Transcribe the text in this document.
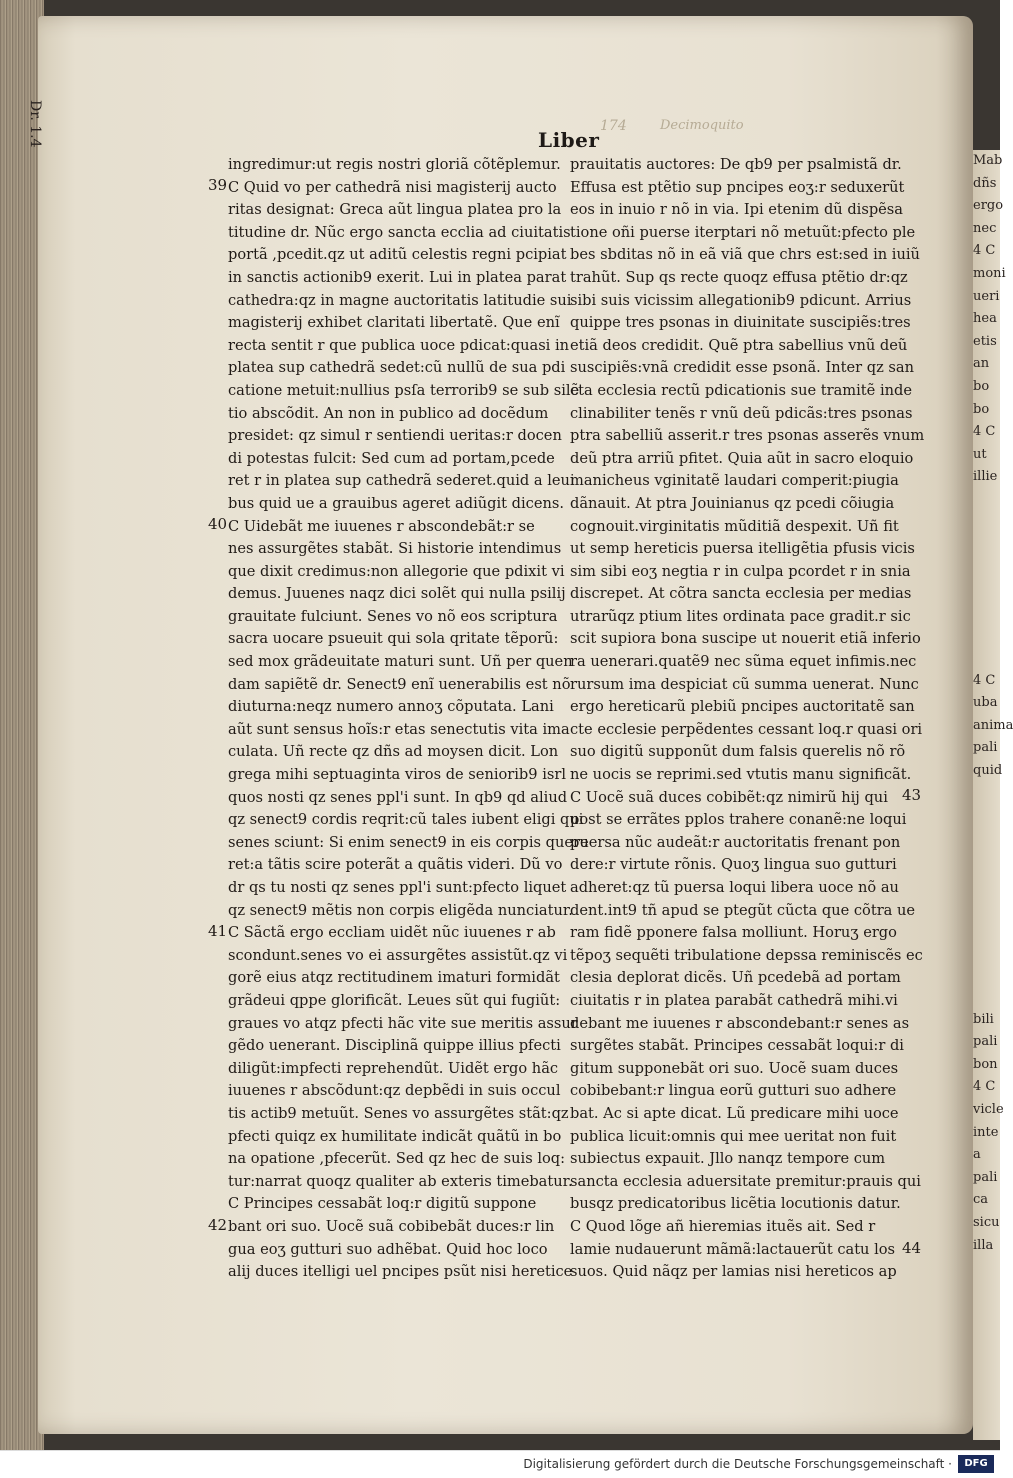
Dr. 1.4	174	Decimoquito
Liber
ingredimur:ut regis nostri gloriã cõtẽplemur.
C Quid vo per cathedrã nisi magisterij aucto
ritas designat: Greca aũt lingua platea pro la
titudine dr. Nũc ergo sancta ecclia ad ciuitatis
portã ,pcedit.qz ut aditũ celestis regni pcipiat
in sanctis actionib9 exerit. Lui in platea parat
cathedra:qz in magne auctoritatis latitudie sui
magisterij exhibet claritati libertatẽ. Que enĩ
recta sentit r que publica uoce pdicat:quasi in
platea sup cathedrã sedet:cũ nullũ de sua pdi
catione metuit:nullius psſa terrorib9 se sub silẽ
tio abscõdit. An non in publico ad docẽdum
presidet: qz simul r sentiendi ueritas:r docen
di potestas fulcit: Sed cum ad portam,pcede
ret r in platea sup cathedrã sederet.quid a leui
bus quid ue a grauibus ageret adiũgit dicens.
C Uidebãt me iuuenes r abscondebãt:r se
nes assurgẽtes stabãt. Si historie intendimus
que dixit credimus:non allegorie que pdixit vi
demus. Juuenes naqz dici solẽt qui nulla psilij
grauitate fulciunt. Senes vo nõ eos scriptura
sacra uocare psueuit qui sola qritate tẽporũ:
sed mox grãdeuitate maturi sunt. Uñ per quen
dam sapiẽtẽ dr. Senect9 enĩ uenerabilis est nõ
diuturna:neqz numero annoʒ cõputata. Lani
aũt sunt sensus hoĩs:r etas senectutis vita ima
culata. Uñ recte qz dñs ad moysen dicit. Lon
grega mihi septuaginta viros de seniorib9 isrl
quos nosti qz senes ppl'i sunt. In qb9 qd aliud
qz senect9 cordis reqrit:cũ tales iubent eligi qui
senes sciunt: Si enim senect9 in eis corpis quere
ret:a tãtis scire poterãt a quãtis videri. Dũ vo
dr qs tu nosti qz senes ppl'i sunt:pfecto liquet
qz senect9 mẽtis non corpis eligẽda nunciatur.
C Sãctã ergo eccliam uidẽt nũc iuuenes r ab
scondunt.senes vo ei assurgẽtes assistũt.qz vi
gorẽ eius atqz rectitudinem imaturi formidãt
grãdeui qppe glorificãt. Leues sũt qui fugiũt:
graues vo atqz pfecti hãc vite sue meritis assur
gẽdo uenerant. Disciplinã quippe illius pfecti
diligũt:impfecti reprehendũt. Uidẽt ergo hãc
iuuenes r abscõdunt:qz depbẽdi in suis occul
tis actib9 metuũt. Senes vo assurgẽtes stãt:qz
pfecti quiqz ex humilitate indicãt quãtũ in bo
na opatione ,pfecerũt. Sed qz hec de suis loq:
tur:narrat quoqz qualiter ab exteris timebatur.
C Principes cessabãt loq:r digitũ suppone
bant ori suo. Uocẽ suã cobibebãt duces:r lin
gua eoʒ gutturi suo adhẽbat. Quid hoc loco
alij duces itelligi uel pncipes psũt nisi heretice
prauitatis auctores: De qb9 per psalmistã dr.
Effusa est ptẽtio sup pncipes eoʒ:r seduxerũt
eos in inuio r nõ in via. Ipi etenim dũ dispẽsa
tione oñi puerse iterptari nõ metuũt:pfecto ple
bes sbditas nõ in eã viã que chrs est:sed in iuiũ
trahũt. Sup qs recte quoqz effusa ptẽtio dr:qz
sibi suis vicissim allegationib9 pdicunt. Arrius
quippe tres psonas in diuinitate suscipiẽs:tres
etiã deos credidit. Quẽ ptra sabellius vnũ deũ
suscipiẽs:vnã credidit esse psonã. Inter qz san
cta ecclesia rectũ pdicationis sue tramitẽ inde
clinabiliter tenẽs r vnũ deũ pdicãs:tres psonas
ptra sabelliũ asserit.r tres psonas asserẽs vnum
deũ ptra arriũ pfitet. Quia aũt in sacro eloquio
manicheus vginitatẽ laudari comperit:piugia
dãnauit. At ptra Jouinianus qz pcedi cõiugia
cognouit.virginitatis mũditiã despexit. Uñ fit
ut semp hereticis puersa itelligẽtia pfusis vicis
sim sibi eoʒ negtia r in culpa pcordet r in snia
discrepet. At cõtra sancta ecclesia per medias
utrarũqz ptium lites ordinata pace gradit.r sic
scit supiora bona suscipe ut nouerit etiã inferio
ra uenerari.quatẽ9 nec sũma equet infimis.nec
rursum ima despiciat cũ summa uenerat. Nunc
ergo hereticarũ plebiũ pncipes auctoritatẽ san
cte ecclesie perpẽdentes cessant loq.r quasi ori
suo digitũ supponũt dum falsis querelis nõ rõ
ne uocis se reprimi.sed vtutis manu significãt.
C Uocẽ suã duces cobibẽt:qz nimirũ hij qui
post se errãtes pplos trahere conanẽ:ne loqui
puersa nũc audeãt:r auctoritatis frenant pon
dere:r virtute rõnis. Quoʒ lingua suo gutturi
adheret:qz tũ puersa loqui libera uoce nõ au
dent.int9 tñ apud se ptegũt cũcta que cõtra ue
ram fidẽ pponere falsa molliunt. Horuʒ ergo
tẽpoʒ sequẽti tribulatione depssa reminiscẽs ec
clesia deplorat dicẽs. Uñ pcedebã ad portam
ciuitatis r in platea parabãt cathedrã mihi.vi
debant me iuuenes r abscondebant:r senes as
surgẽtes stabãt. Principes cessabãt loqui:r di
gitum supponebãt ori suo. Uocẽ suam duces
cobibebant:r lingua eorũ gutturi suo adhere
bat. Ac si apte dicat. Lũ predicare mihi uoce
publica licuit:omnis qui mee ueritat non fuit
subiectus expauit. Jllo nanqz tempore cum
sancta ecclesia aduersitate premitur:prauis qui
busqz predicatoribus licẽtia locutionis datur.
C Quod lõge añ hieremias ituẽs ait. Sed r
lamie nudauerunt mãmã:lactauerũt catu los
suos. Quid nãqz per lamias nisi hereticos ap
39
40
41
42
43
44
Mab
dñs
ergo
nec
4 C
moni
ueri
hea
etis
an
bo
bo
4 C
ut
illie
4 C
uba
anima
pali
quid
bili
pali
bon
4 C
vicle
inte
a
pali
ca
sicu
illa
Digitalisierung gefördert durch die Deutsche Forschungsgemeinschaft ·	DFG
